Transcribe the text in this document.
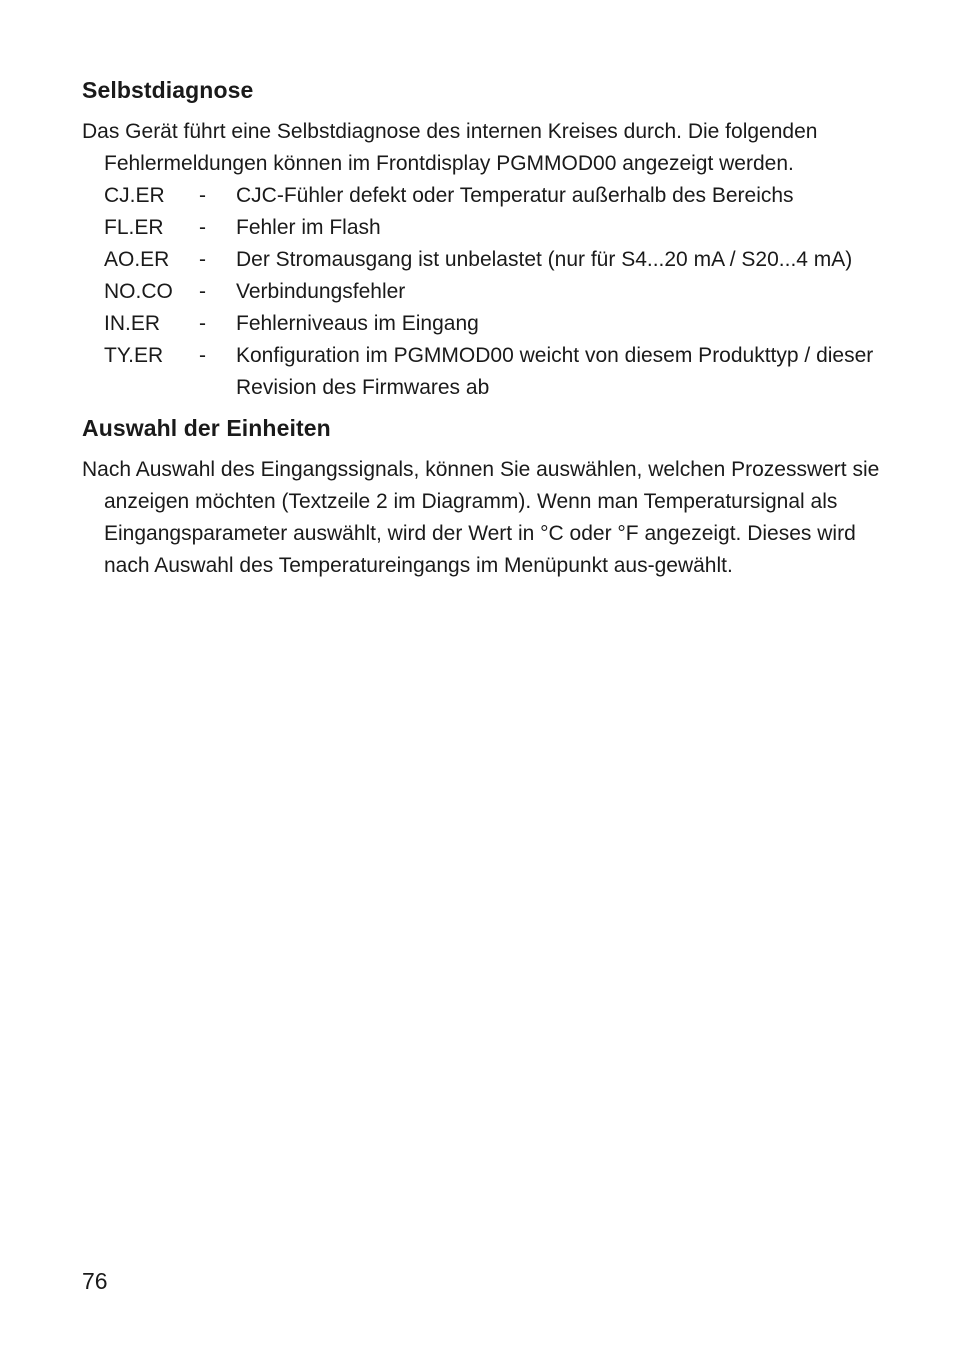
Selbstdiagnose

Das Gerät führt eine Selbstdiagnose des internen Kreises durch. Die folgenden Fehlermeldungen können im Frontdisplay PGMMOD00 angezeigt werden.

CJ.ER	-	CJC-Fühler defekt oder Temperatur außerhalb des Bereichs
FL.ER	-	Fehler im Flash
AO.ER	-	Der Stromausgang ist unbelastet (nur für S4...20 mA / S20...4 mA)
NO.CO	-	Verbindungsfehler
IN.ER	-	Fehlerniveaus im Eingang
TY.ER	-	Konfiguration im PGMMOD00 weicht von diesem Produkttyp / dieser Revision des Firmwares ab
Auswahl der Einheiten

Nach Auswahl des Eingangssignals, können Sie auswählen, welchen Prozesswert sie anzeigen möchten (Textzeile 2 im Diagramm). Wenn man Temperatursignal als Eingangsparameter auswählt, wird der Wert in °C oder °F angezeigt. Dieses wird nach Auswahl des Temperatureingangs im Menüpunkt aus-gewählt.

76
